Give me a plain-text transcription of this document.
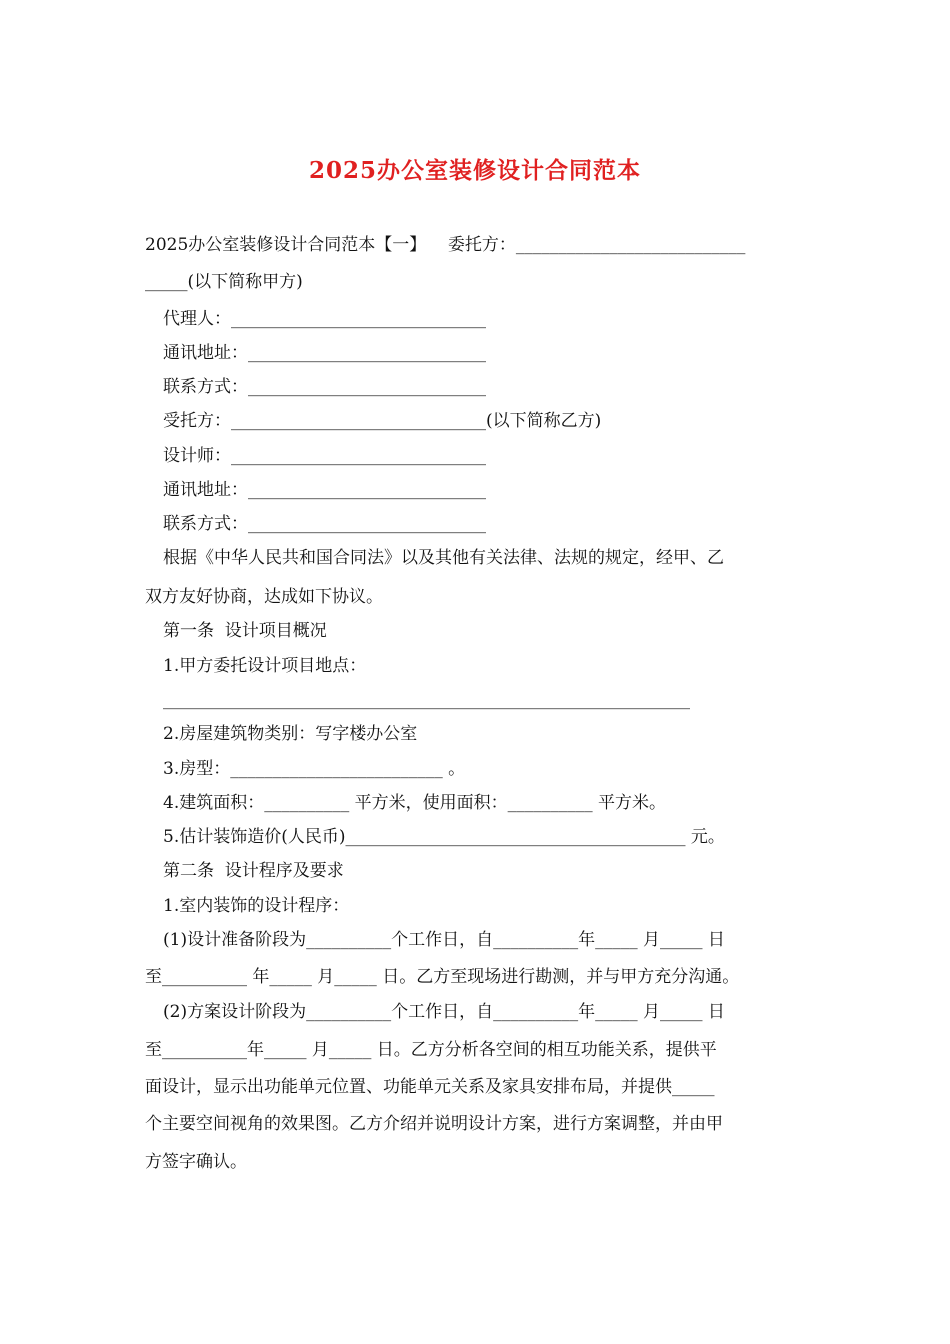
2025办公室装修设计合同范本
2025办公室装修设计合同范本【一】    委托方：___________________________
_____(以下简称甲方)
代理人：______________________________
通讯地址：____________________________
联系方式：____________________________
受托方：______________________________(以下简称乙方)
设计师：______________________________
通讯地址：____________________________
联系方式：____________________________
根据《中华人民共和国合同法》以及其他有关法律、法规的规定，经甲、乙
双方友好协商，达成如下协议。
第一条  设计项目概况
1.甲方委托设计项目地点：
______________________________________________________________
2.房屋建筑物类别：写字楼办公室
3.房型：_________________________ 。
4.建筑面积：__________ 平方米，使用面积：__________ 平方米。
5.估计装饰造价(人民币)________________________________________ 元。
第二条  设计程序及要求
1.室内装饰的设计程序：
(1)设计准备阶段为__________个工作日，自__________年_____ 月_____ 日
至__________ 年_____ 月_____ 日。乙方至现场进行勘测，并与甲方充分沟通。
(2)方案设计阶段为__________个工作日，自__________年_____ 月_____ 日
至__________年_____ 月_____ 日。乙方分析各空间的相互功能关系，提供平
面设计，显示出功能单元位置、功能单元关系及家具安排布局，并提供_____
个主要空间视角的效果图。乙方介绍并说明设计方案，进行方案调整，并由甲
方签字确认。
